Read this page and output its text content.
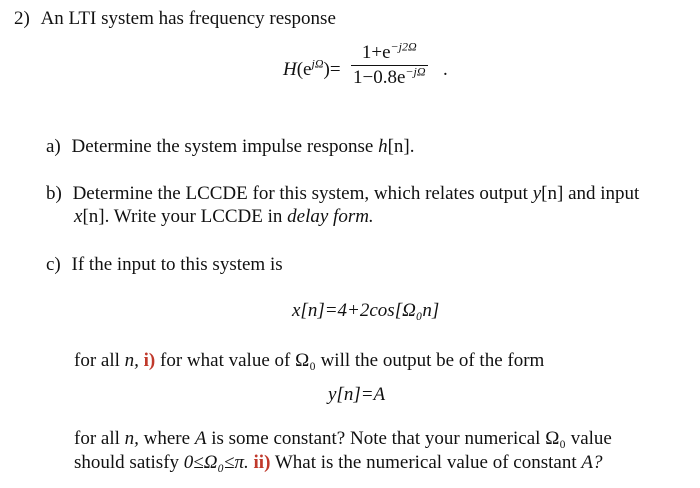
2) An LTI system has frequency response
$H(e^{j\Omega})=$
$1+e^{-j2\Omega}$
$1-0.8e^{-j\Omega}$ .
a) Determine the system impulse response h[n].
b) Determine the LCCDE for this system, which relates output y[n] and input
x[n]. Write your LCCDE in delay form.
c) If the input to this system is
x[n]=4+2cos[Ω₀n]
for all n, i) for what value of Ω₀ will the output be of the form
y[n]=A
for all n, where A is some constant? Note that your numerical Ω₀ value
should satisfy 0≤Ω₀≤π. ii) What is the numerical value of constant A?
